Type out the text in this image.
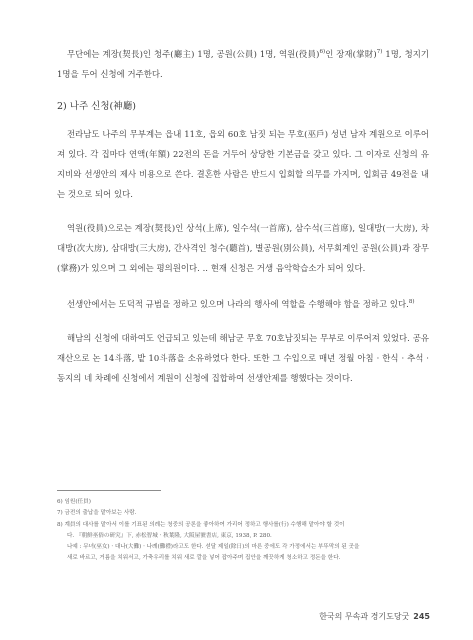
무단에는 계장(契長)인 청주(廳主) 1명, 공원(公員) 1명, 역원(役員)$^{6)}$인 장재(掌財)$^{7)}$ 1명, 청지기 1명을 두어 신청에 거주한다.

2) 나주 신청(神廳)

전라남도 나주의 무부계는 읍내 11호, 읍외 60호 남짓 되는 무호(巫戶) 성년 남자 계원으로 이루어져 있다. 각 집마다 연액(年額) 22전의 돈을 거두어 상당한 기본금을 갖고 있다. 그 이자로 신청의 유지비와 선생안의 제사 비용으로 쓴다. 결혼한 사람은 반드시 입회할 의무를 가지며, 입회금 49전을 내는 것으로 되어 있다.

역원(役員)으로는 계장(契長)인 상석(上席), 일수석(一首席), 삼수석(三首席), 일대방(一大房), 차대방(次大房), 삼대방(三大房), 간사격인 청수(聽首), 별공원(別公員), 서무회계인 공원(公員)과 장무(掌務)가 있으며 그 외에는 평의원이다. .. 현재 신청은 거생 음악학습소가 되어 있다.

선생안에서는 도덕적 규범을 정하고 있으며 나라의 행사에 역할을 수행해야 함을 정하고 있다.$^{8)}$

해남의 신청에 대하여도 언급되고 있는데 해남군 무호 70호남짓되는 무부로 이루어져 있었다. 공유재산으로 논 14斗落, 밭 10斗落을 소유하였다 한다. 또한 그 수입으로 매년 정월 아침 · 한식 · 추석 · 동지의 네 차례에 신청에서 계원이 신청에 집합하여 선생안제를 행했다는 것이다.

6) 임원(任員)

7) 금전의 출납을 맡아보는 사람.

8) 계員의 대사를 맡아서 이를 기표된 의례는 청중의 공론을 좋아하여 가리어 정하고 행사를(行) 수행해 맡아야 할 것이

다. 『朝鮮巫俗の研究』下, 赤松智城 · 秋葉隆, 大阪屋號書店, 東京, 1938, P. 280.

나예 : 무녀(巫女) · 대나(大儺) · 나례(儺禮)라고도 한다. 섣달 제일(除日)의 마른 중에도 각 가정에서는 부뚜막의 된 곳을

새로 바르고, 거름을 치워서고, 가축우리를 치워 새로 깔을 넣어 잡아주며 집안을 깨끗하게 청소하고 정돈을 한다.

한국의 무속과 경기도당굿 245
